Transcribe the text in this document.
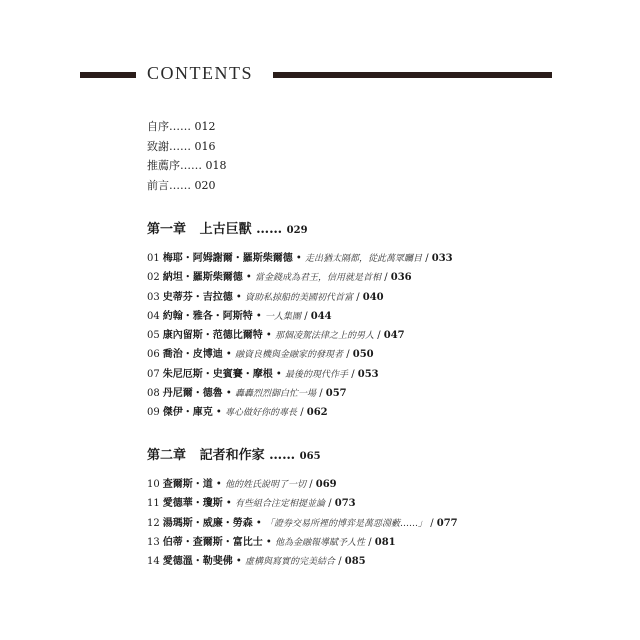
CONTENTS
自序…… 012
致謝…… 016
推薦序…… 018
前言…… 020
第一章 上古巨獸 …… 029
01 梅耶・阿姆謝爾・羅斯柴爾德 • 走出猶太隔都，從此萬眾矚目 / 033
02 納坦・羅斯柴爾德 • 當金錢成為君王，信用就是首相 / 036
03 史蒂芬・吉拉德 • 資助私掠船的美國初代首富 / 040
04 約翰・雅各・阿斯特 • 一人集團 / 044
05 康內留斯・范德比爾特 • 那個凌駕法律之上的男人 / 047
06 喬治・皮博迪 • 融資良機與金融家的發現者 / 050
07 朱尼厄斯・史賓賽・摩根 • 最後的現代作手 / 053
08 丹尼爾・德魯 • 轟轟烈烈御白忙一場 / 057
09 傑伊・庫克 • 專心做好你的專長 / 062
第二章 記者和作家 …… 065
10 查爾斯・道 • 他的姓氏說明了一切 / 069
11 愛德華・瓊斯 • 有些組合注定相提並論 / 073
12 湯瑪斯・威廉・勞森 • 「證券交易所裡的博弈是萬惡淵藪……」 / 077
13 伯蒂・查爾斯・富比士 • 他為金融報導賦予人性 / 081
14 愛德溫・勒斐佛 • 虛構與寫實的完美結合 / 085
